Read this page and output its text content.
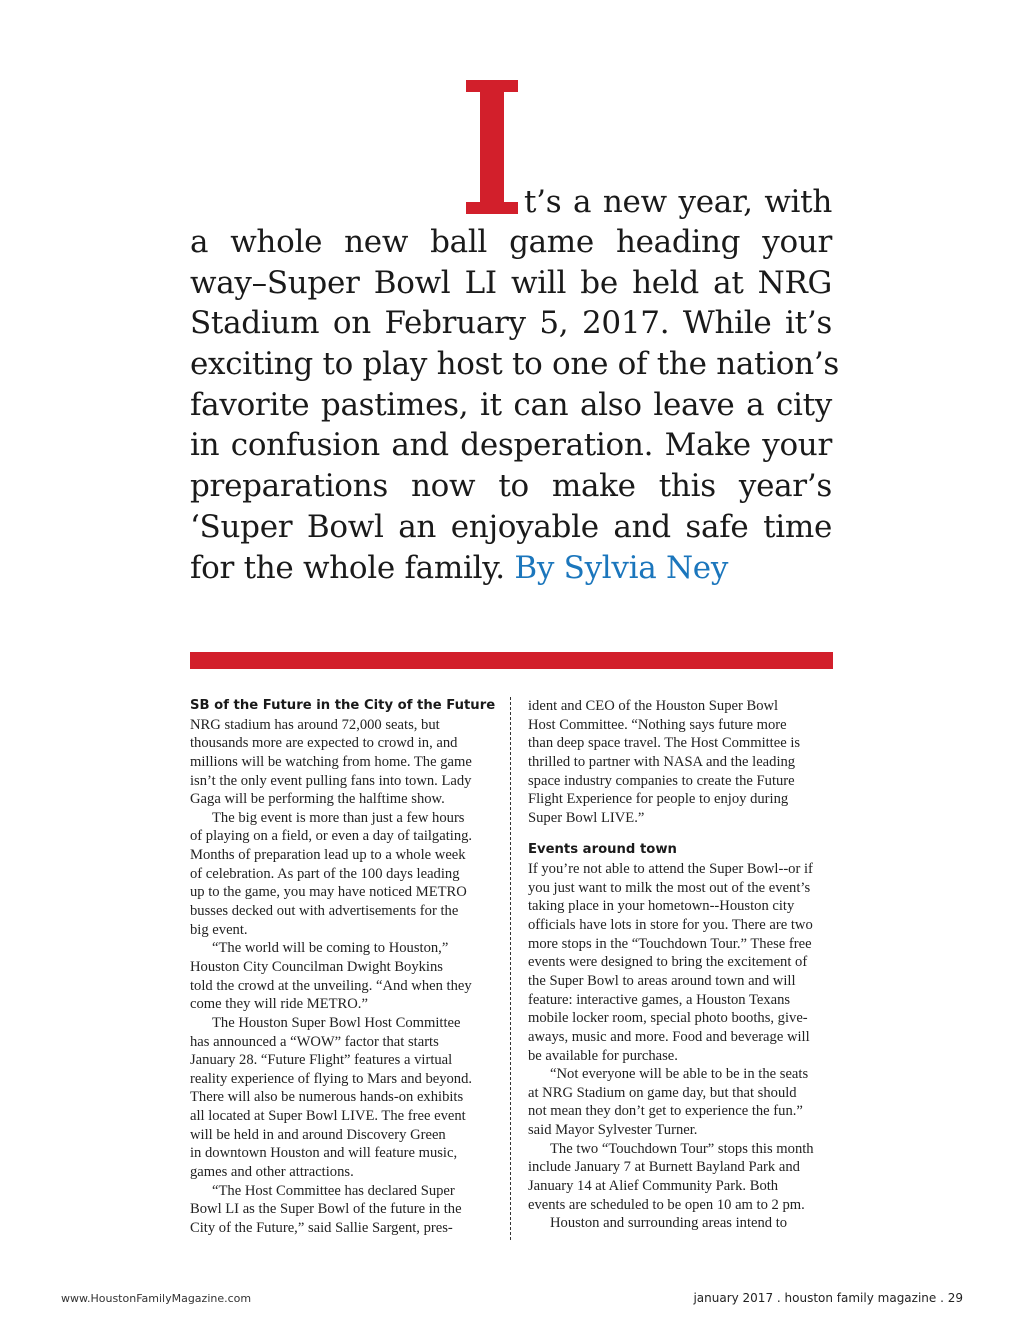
t’s a new year, with
a whole new ball game heading your
way–Super Bowl LI will be held at NRG
Stadium on February 5, 2017. While it’s
exciting to play host to one of the nation’s
favorite pastimes, it can also leave a city
in confusion and desperation. Make your
preparations now to make this year’s
‘Super Bowl an enjoyable and safe time
for the whole family. By Sylvia Ney
SB of the Future in the City of the Future
NRG stadium has around 72,000 seats, but
thousands more are expected to crowd in, and
millions will be watching from home. The game
isn’t the only event pulling fans into town. Lady
Gaga will be performing the halftime show.
The big event is more than just a few hours
of playing on a field, or even a day of tailgating.
Months of preparation lead up to a whole week
of celebration. As part of the 100 days leading
up to the game, you may have noticed METRO
busses decked out with advertisements for the
big event.
“The world will be coming to Houston,”
Houston City Councilman Dwight Boykins
told the crowd at the unveiling. “And when they
come they will ride METRO.”
The Houston Super Bowl Host Committee
has announced a “WOW” factor that starts
January 28. “Future Flight” features a virtual
reality experience of flying to Mars and beyond.
There will also be numerous hands-on exhibits
all located at Super Bowl LIVE. The free event
will be held in and around Discovery Green
in downtown Houston and will feature music,
games and other attractions.
“The Host Committee has declared Super
Bowl LI as the Super Bowl of the future in the
City of the Future,” said Sallie Sargent, pres-
ident and CEO of the Houston Super Bowl
Host Committee. “Nothing says future more
than deep space travel. The Host Committee is
thrilled to partner with NASA and the leading
space industry companies to create the Future
Flight Experience for people to enjoy during
Super Bowl LIVE.”
Events around town
If you’re not able to attend the Super Bowl--or if
you just want to milk the most out of the event’s
taking place in your hometown--Houston city
officials have lots in store for you. There are two
more stops in the “Touchdown Tour.” These free
events were designed to bring the excitement of
the Super Bowl to areas around town and will
feature: interactive games, a Houston Texans
mobile locker room, special photo booths, give-
aways, music and more. Food and beverage will
be available for purchase.
“Not everyone will be able to be in the seats
at NRG Stadium on game day, but that should
not mean they don’t get to experience the fun.”
said Mayor Sylvester Turner.
The two “Touchdown Tour” stops this month
include January 7 at Burnett Bayland Park and
January 14 at Alief Community Park. Both
events are scheduled to be open 10 am to 2 pm.
Houston and surrounding areas intend to
www.HoustonFamilyMagazine.com	january 2017 . houston family magazine . 29
